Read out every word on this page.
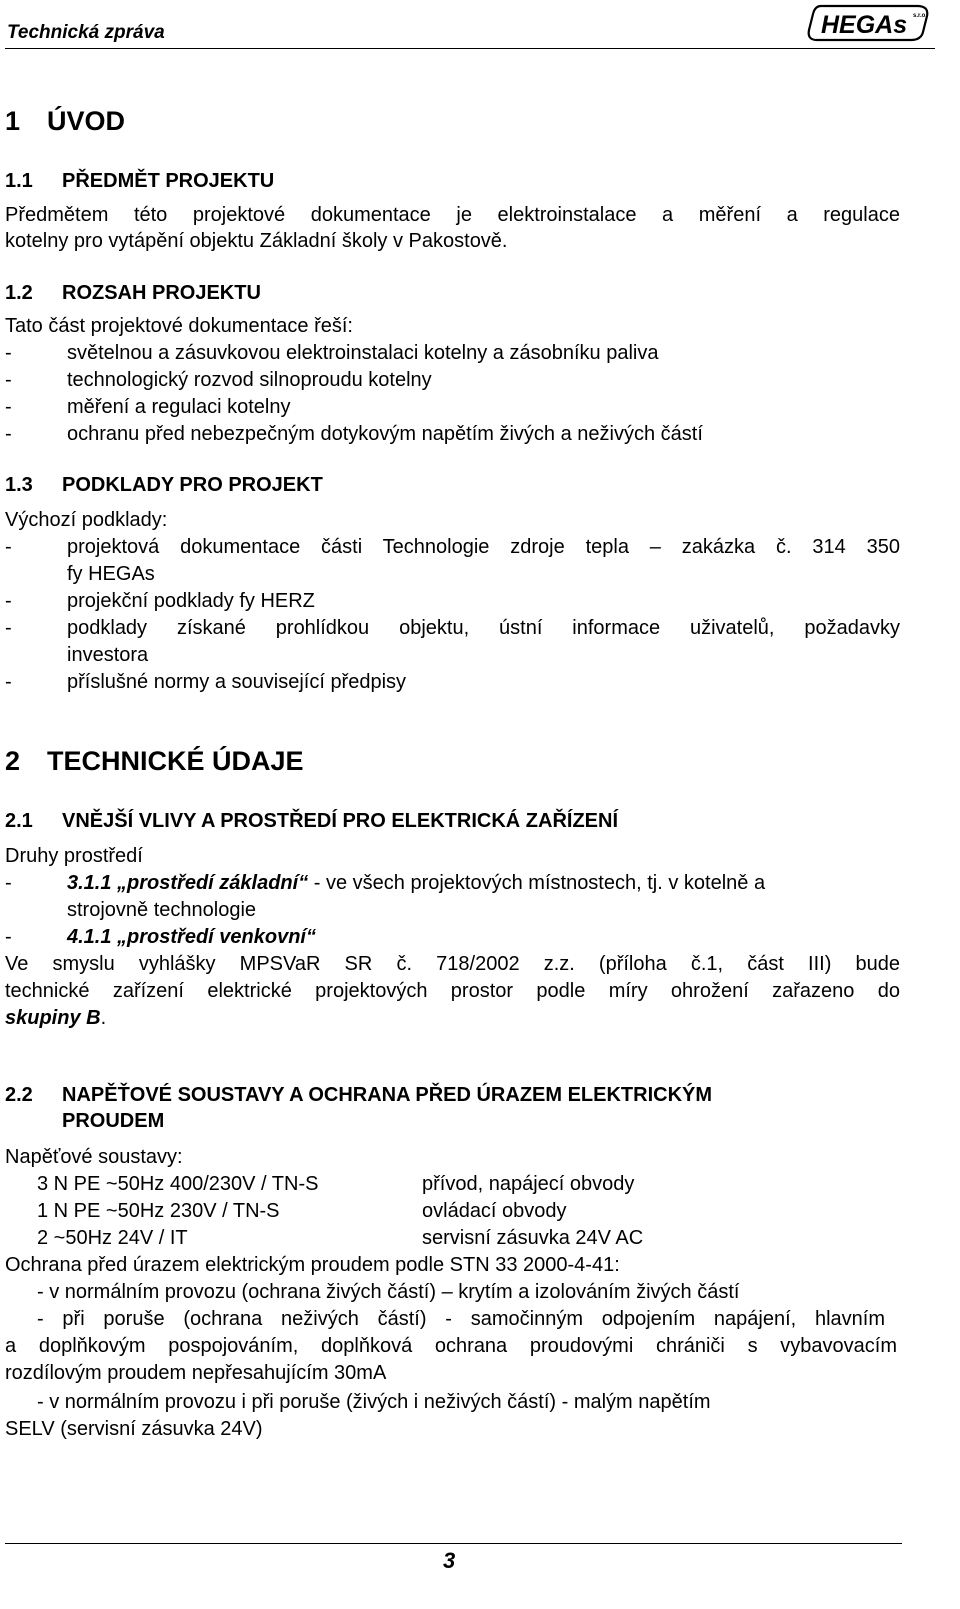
Technická zpráva	HEGAs s.r.o.
1 ÚVOD
1.1 PŘEDMĚT PROJEKTU
Předmětem této projektové dokumentace je elektroinstalace a měření a regulace
kotelny pro vytápění objektu Základní školy v Pakostově.
1.2 ROZSAH PROJEKTU
Tato část projektové dokumentace řeší:
-	světelnou a zásuvkovou elektroinstalaci kotelny a zásobníku paliva
-	technologický rozvod silnoproudu kotelny
-	měření a regulaci kotelny
-	ochranu před nebezpečným dotykovým napětím živých a neživých částí
1.3 PODKLADY PRO PROJEKT
Výchozí podklady:
-	projektová dokumentace části Technologie zdroje tepla – zakázka č. 314 350
fy HEGAs
-	projekční podklady fy HERZ
-	podklady získané prohlídkou objektu, ústní informace uživatelů, požadavky
investora
-	příslušné normy a související předpisy
2 TECHNICKÉ ÚDAJE
2.1 VNĚJŠÍ VLIVY A PROSTŘEDÍ PRO ELEKTRICKÁ ZAŘÍZENÍ
Druhy prostředí
-	3.1.1 „prostředí základní“ - ve všech projektových místnostech, tj. v kotelně a
strojovně technologie
-	4.1.1 „prostředí venkovní“
Ve smyslu vyhlášky MPSVaR SR č. 718/2002 z.z. (příloha č.1, část III) bude
technické zařízení elektrické projektových prostor podle míry ohrožení zařazeno do
skupiny B.
2.2 NAPĚŤOVÉ SOUSTAVY A OCHRANA PŘED ÚRAZEM ELEKTRICKÝM
PROUDEM
Napěťové soustavy:
3 N PE ~50Hz 400/230V / TN-S	přívod, napájecí obvody
1 N PE ~50Hz 230V / TN-S	ovládací obvody
2 ~50Hz 24V / IT	servisní zásuvka 24V AC
Ochrana před úrazem elektrickým proudem podle STN 33 2000-4-41:
- v normálním provozu (ochrana živých částí) – krytím a izolováním živých částí
- při poruše (ochrana neživých částí) - samočinným odpojením napájení, hlavním
a doplňkovým pospojováním, doplňková ochrana proudovými chrániči s vybavovacím
rozdílovým proudem nepřesahujícím 30mA
- v normálním provozu i při poruše (živých i neživých částí) - malým napětím
SELV (servisní zásuvka 24V)
3
